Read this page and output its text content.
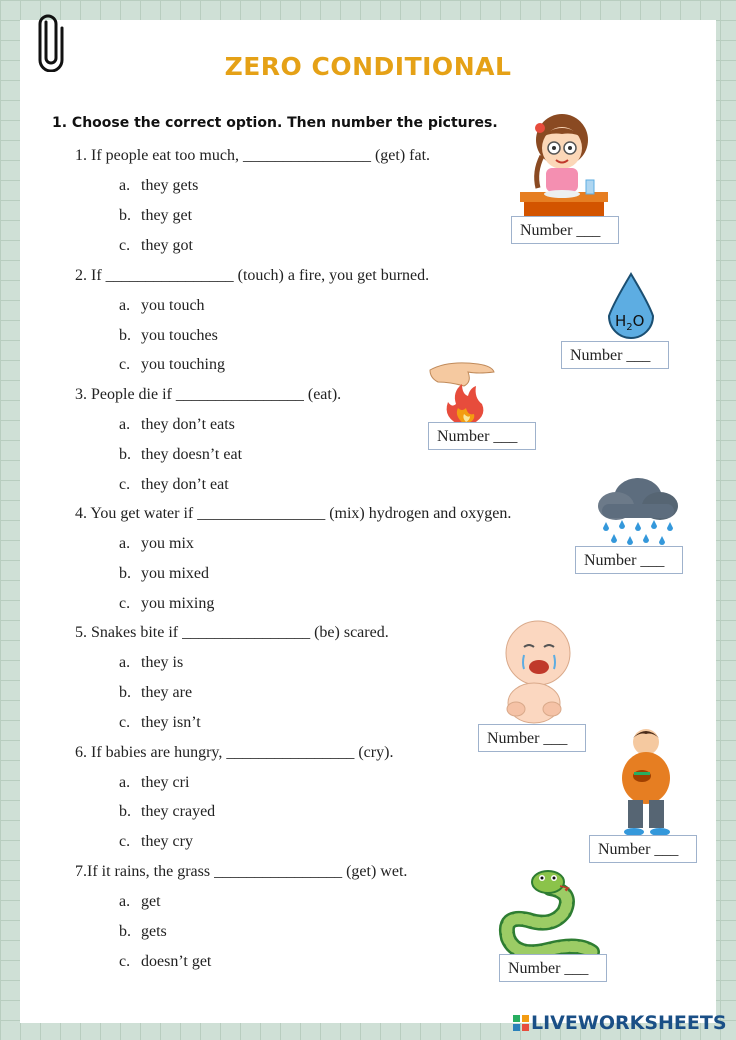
ZERO CONDITIONAL
1. Choose the correct option. Then number the pictures.
1. If people eat too much, ________________ (get) fat.
a. they gets
b. they get
c. they got
2. If ________________ (touch) a fire, you get burned.
a. you touch
b. you touches
c. you touching
3. People die if ________________ (eat).
a. they don’t eats
b. they doesn’t eat
c. they don’t eat
4. You get water if ________________ (mix) hydrogen and oxygen.
a. you mix
b. you mixed
c. you mixing
5. Snakes bite if ________________ (be) scared.
a. they is
b. they are
c. they isn’t
6. If babies are hungry, ________________ (cry).
a. they cri
b. they crayed
c. they cry
7.If it rains, the grass ________________ (get) wet.
a. get
b. gets
c. doesn’t get
Number ___
$H_2O$
Number ___
Number ___
Number ___
Number ___
Number ___
Number ___
LIVEWORKSHEETS
